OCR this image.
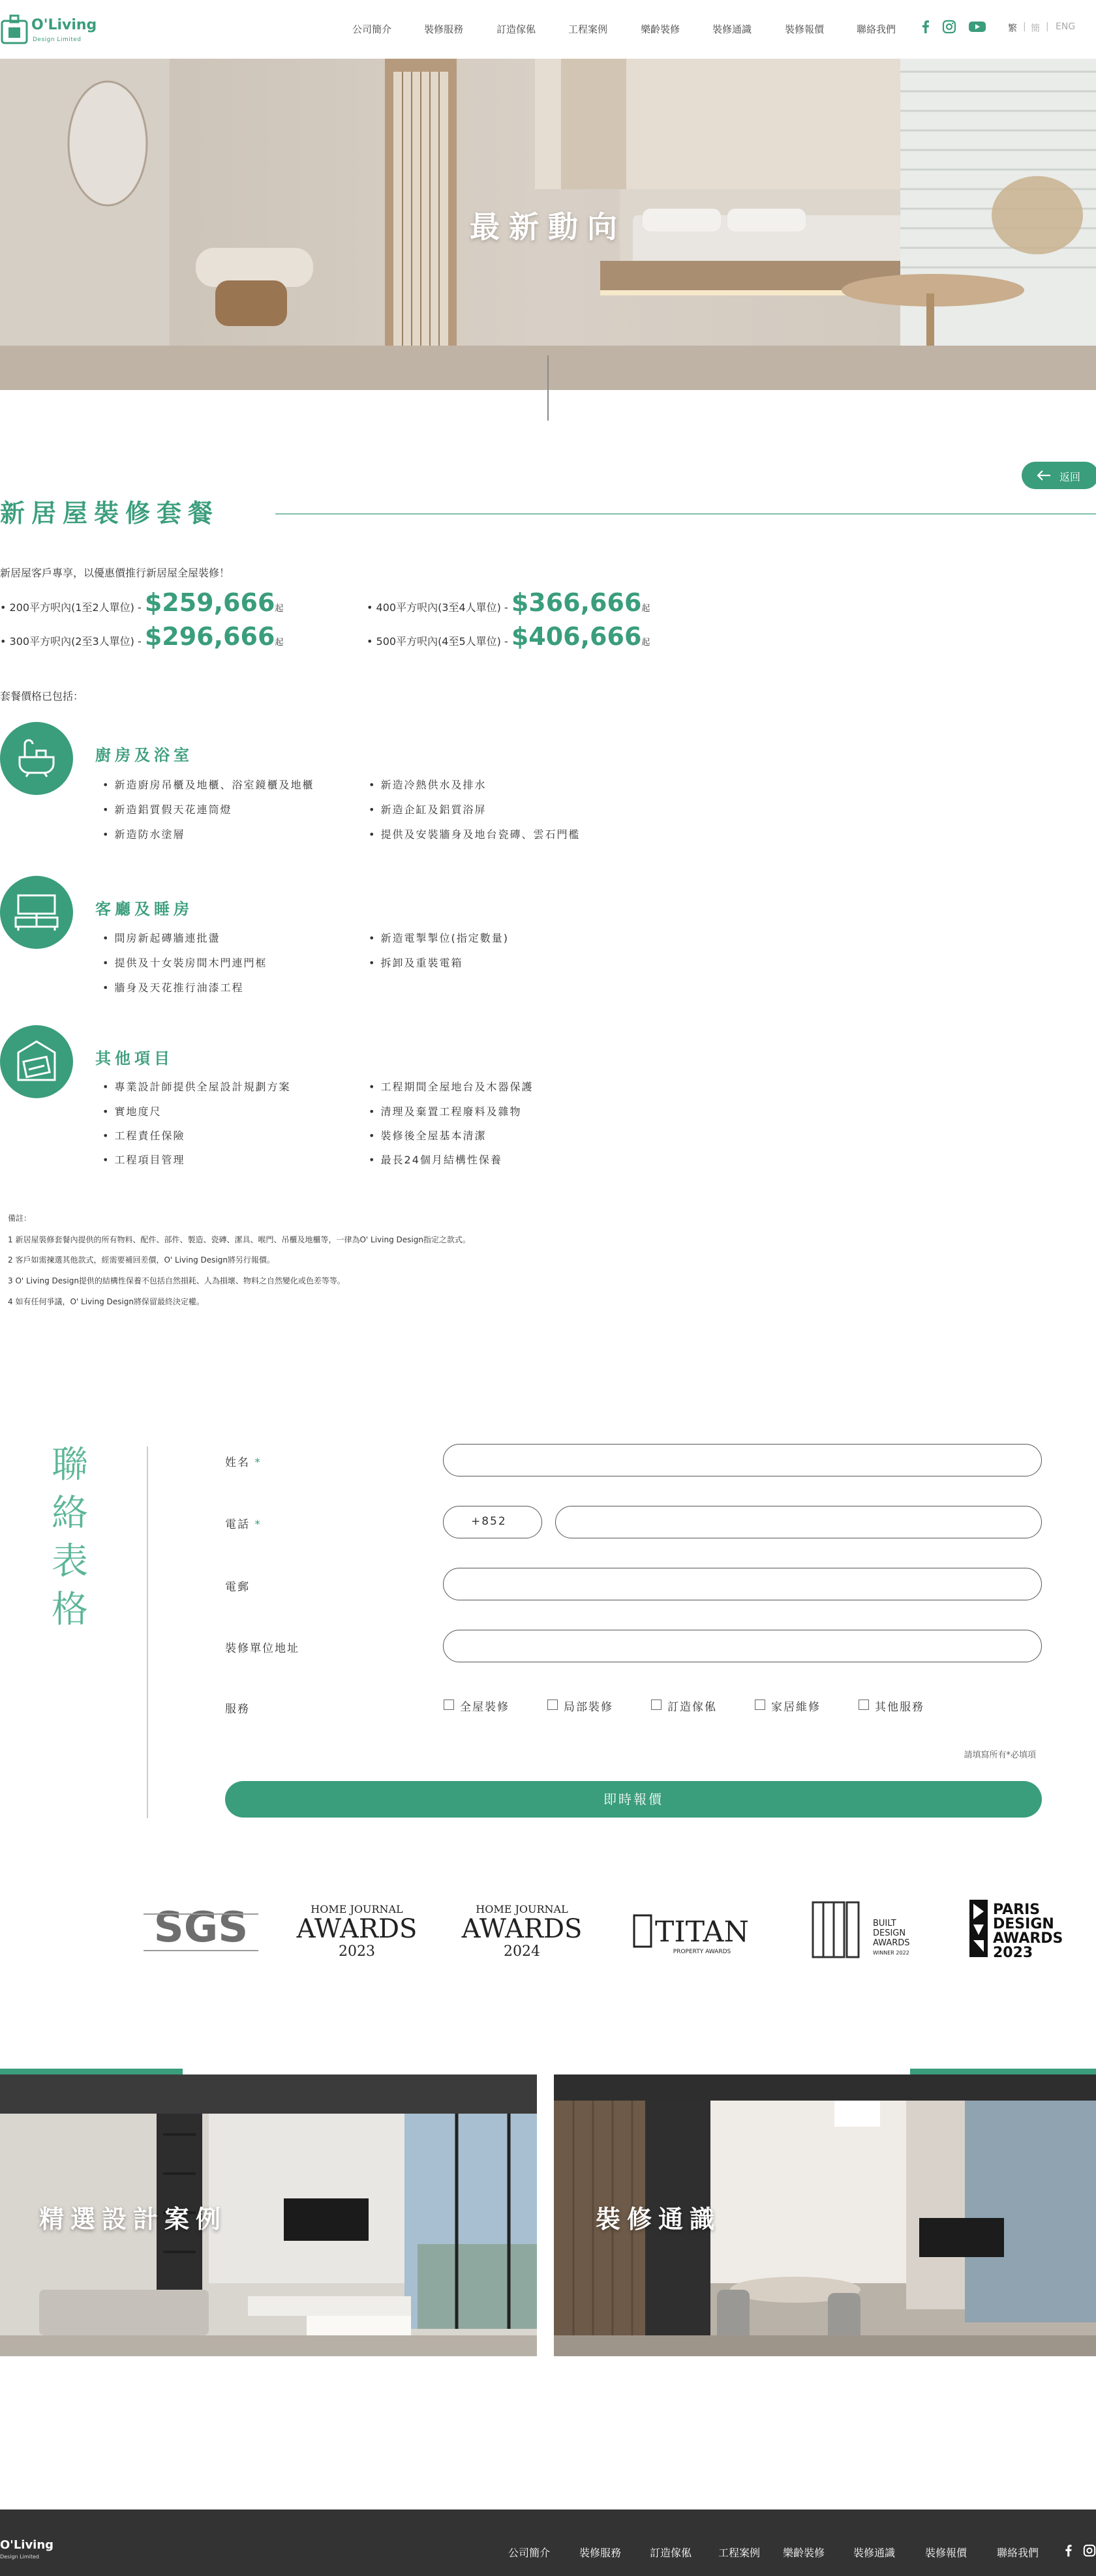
O'Living
Design Limited
公司簡介	裝修服務	訂造傢俬	工程案例	樂齡裝修	裝修通識	裝修報價	聯絡我們	繁 | 簡 | ENG
最新動向
返回
新居屋裝修套餐
新居屋客戶專享，以優惠價推行新居屋全屋裝修！
• 200平方呎內(1至2人單位) - $259,666起	• 400平方呎內(3至4人單位) - $366,666起
• 300平方呎內(2至3人單位) - $296,666起	• 500平方呎內(4至5人單位) - $406,666起
套餐價格已包括：
廚房及浴室
• 新造廚房吊櫃及地櫃、浴室鏡櫃及地櫃
• 新造鋁質假天花連筒燈
• 新造防水塗層
• 新造冷熱供水及排水
• 新造企缸及鋁質浴屏
• 提供及安裝牆身及地台瓷磚、雲石門檻
客廳及睡房
• 間房新起磚牆連批盪
• 提供及十女裝房間木門連門框
• 牆身及天花推行油漆工程
• 新造電掣掣位(指定數量)
• 拆卸及重裝電箱
其他項目
• 專業設計師提供全屋設計規劃方案
• 實地度尺
• 工程責任保險
• 工程項目管理
• 工程期間全屋地台及木器保護
• 清理及棄置工程廢料及雜物
• 裝修後全屋基本清潔
• 最長24個月結構性保養
備註：
1 新居屋裝修套餐內提供的所有物料、配件、部件、製造、瓷磚、潔具、喉門、吊櫃及地櫃等，一律為O' Living Design指定之款式。
2 客戶如需揀選其他款式，經需要補回差價，O' Living Design將另行報價。
3 O' Living Design提供的結構性保養不包括自然損耗、人為損壞、物料之自然變化或色差等等。
4 如有任何爭議，O' Living Design將保留最終決定權。
聯
絡
表
格
姓名 *
電話 *	+852
電郵
裝修單位地址
服務	全屋裝修	局部裝修	訂造傢俬	家居維修	其他服務
請填寫所有*必填項
即時報價
SGS	HOME JOURNAL
AWARDS
2023
HOME JOURNAL
AWARDS
2024
TITAN
PROPERTY AWARDS
BUILT
DESIGN
AWARDS
WINNER 2022
PARIS
DESIGN
AWARDS
2023
精選設計案例	裝修通識
O'Living
Design Limited	公司簡介	裝修服務	訂造傢俬	工程案例 樂齡裝修	裝修通識	裝修報價	聯絡我們
